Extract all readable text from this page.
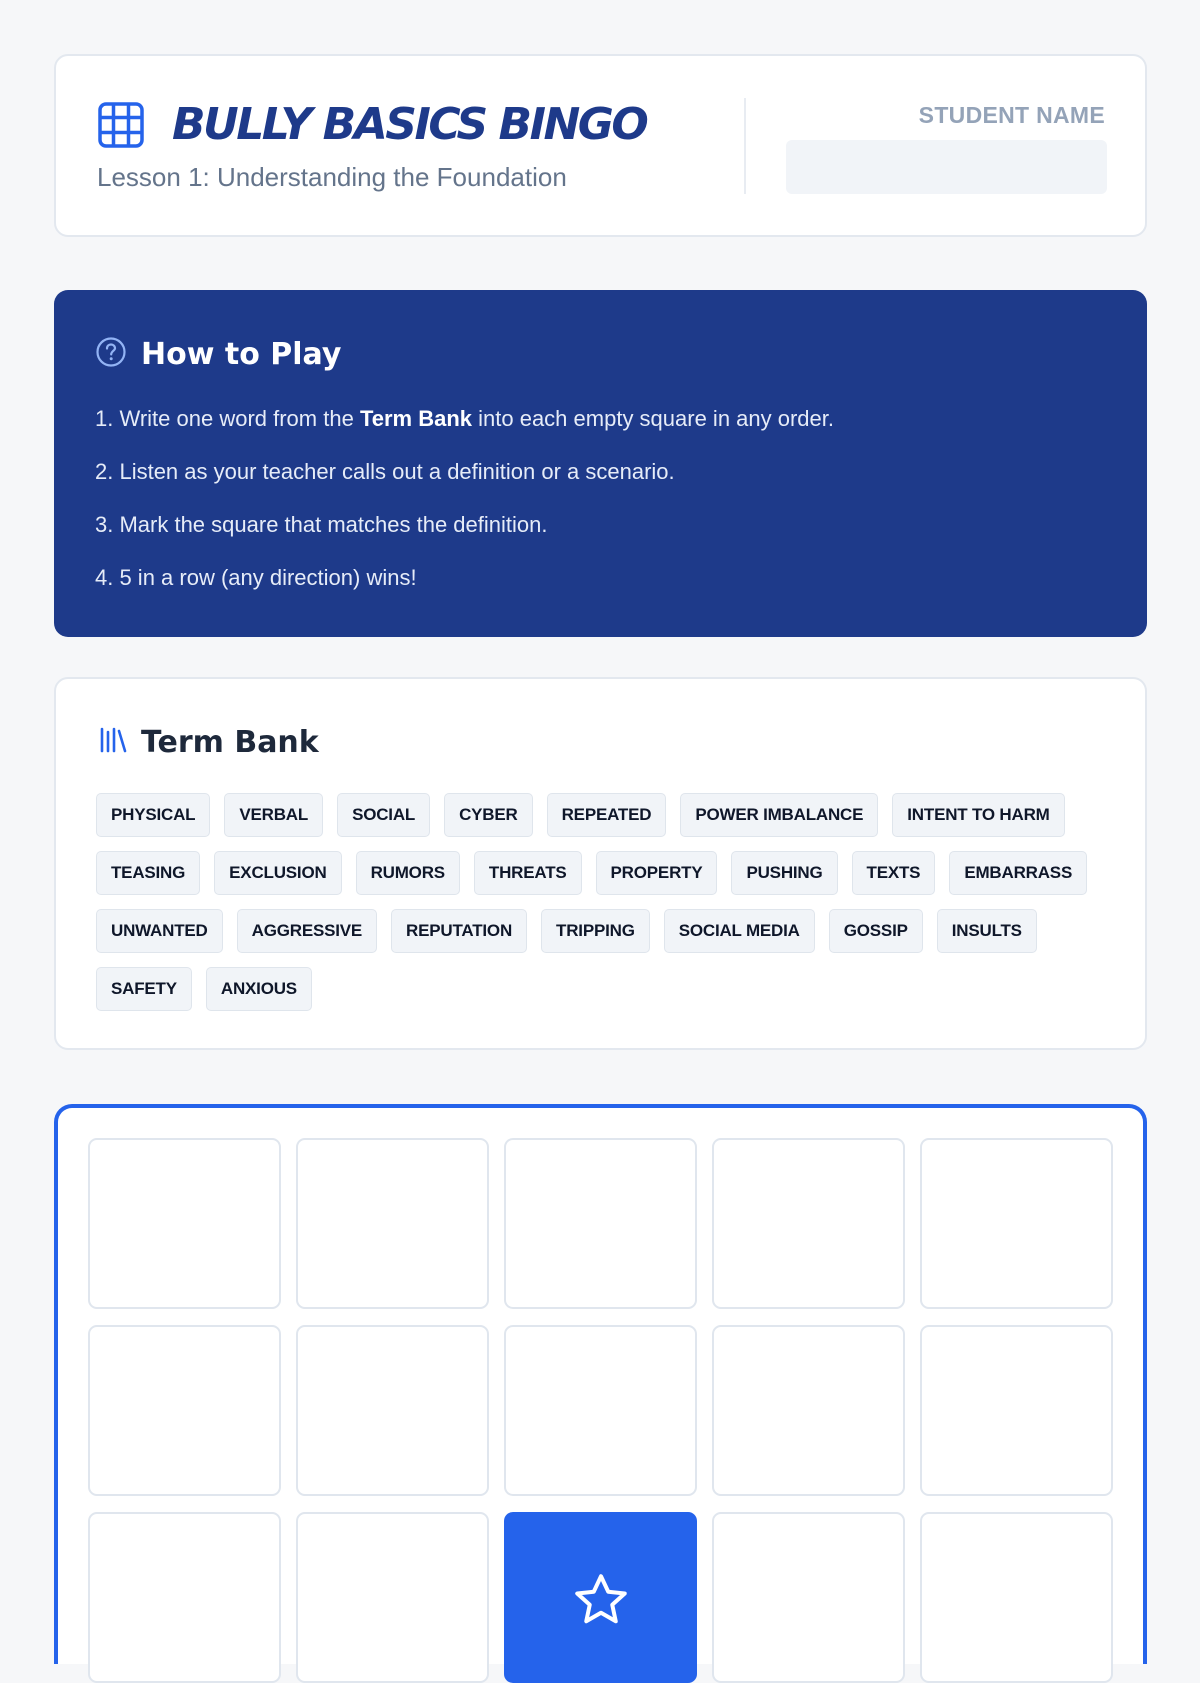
BULLY BASICS BINGO
Lesson 1: Understanding the Foundation
STUDENT NAME
How to Play
1. Write one word from the Term Bank into each empty square in any order.
2. Listen as your teacher calls out a definition or a scenario.
3. Mark the square that matches the definition.
4. 5 in a row (any direction) wins!
Term Bank
PHYSICAL	VERBAL	SOCIAL	CYBER	REPEATED	POWER IMBALANCE	INTENT TO HARM
TEASING	EXCLUSION	RUMORS	THREATS	PROPERTY	PUSHING	TEXTS	EMBARRASS
UNWANTED	AGGRESSIVE	REPUTATION	TRIPPING	SOCIAL MEDIA	GOSSIP	INSULTS
SAFETY	ANXIOUS
